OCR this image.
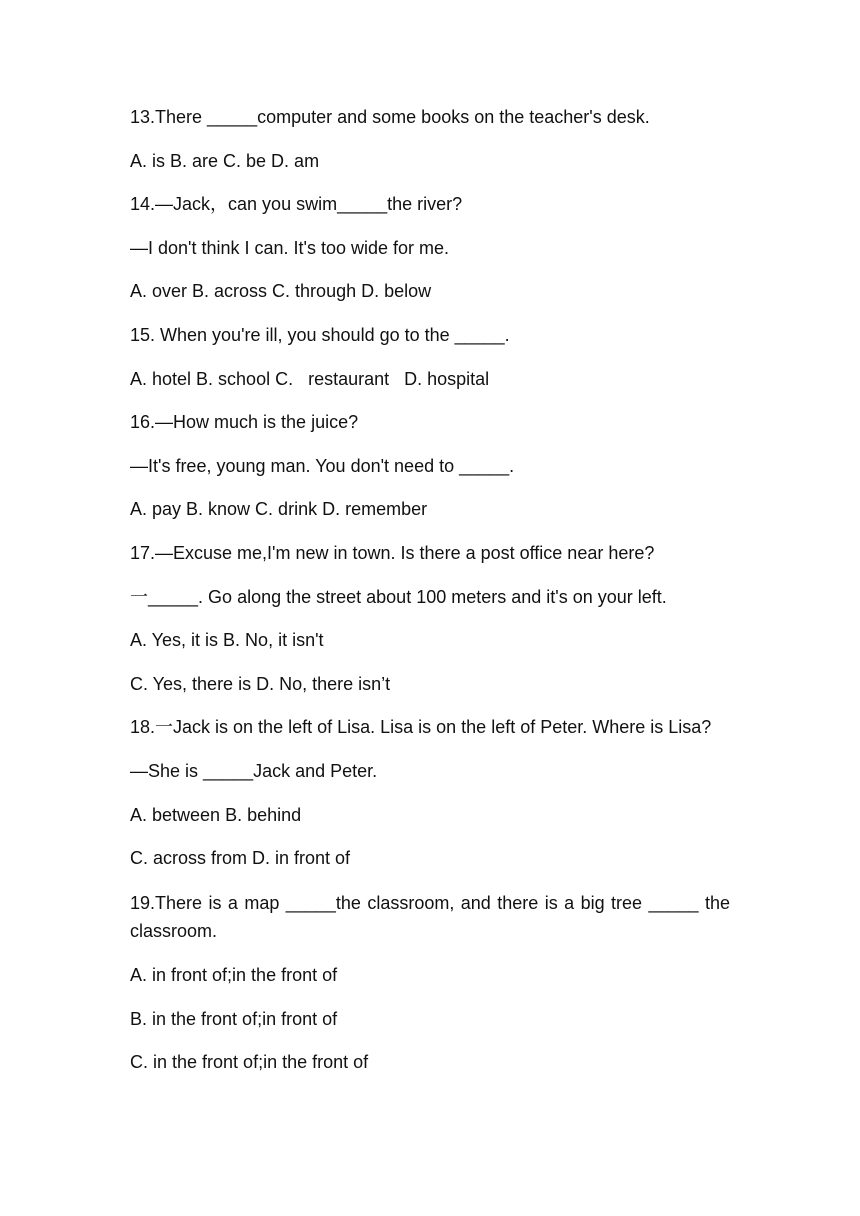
13.There _____computer and some books on the teacher's desk.

A. is B. are C. be D. am

14.—Jack，can you swim_____the river?

—I don't think I can. It's too wide for me.

A. over B. across C. through D. below

15. When you're ill, you should go to the _____.

A. hotel B. school C.   restaurant   D. hospital

16.—How much is the juice?

—It's free, young man. You don't need to _____.

A. pay B. know C. drink D. remember

17.—Excuse me,I'm new in town. Is there a post office near here?

一_____. Go along the street about 100 meters and it's on your left.

A. Yes, it is B. No, it isn't

C. Yes, there is D. No, there isn’t

18.一Jack is on the left of Lisa. Lisa is on the left of Peter. Where is Lisa?

—She is _____Jack and Peter.

A. between B. behind

C. across from D. in front of

19.There is a map _____the classroom, and there is a big tree _____ the classroom.

A. in front of;in the front of

B. in the front of;in front of

C. in the front of;in the front of
